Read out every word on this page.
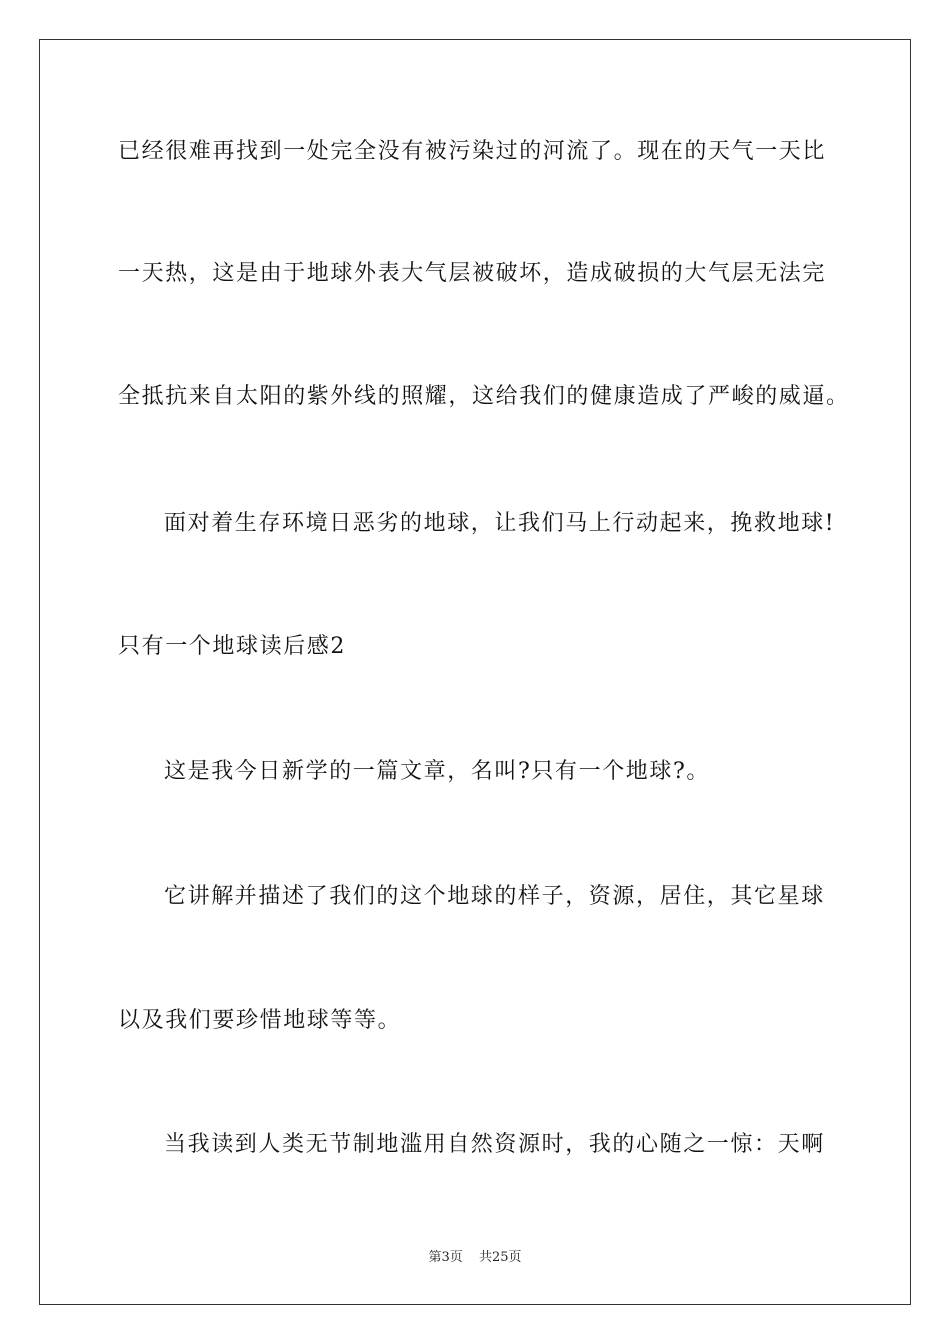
已经很难再找到一处完全没有被污染过的河流了。现在的天气一天比
一天热，这是由于地球外表大气层被破坏，造成破损的大气层无法完
全抵抗来自太阳的紫外线的照耀，这给我们的健康造成了严峻的威逼。
面对着生存环境日恶劣的地球，让我们马上行动起来，挽救地球!
只有一个地球读后感2
这是我今日新学的一篇文章，名叫?只有一个地球?。
它讲解并描述了我们的这个地球的样子，资源，居住，其它星球
以及我们要珍惜地球等等。
当我读到人类无节制地滥用自然资源时，我的心随之一惊：天啊
第3页 共25页
